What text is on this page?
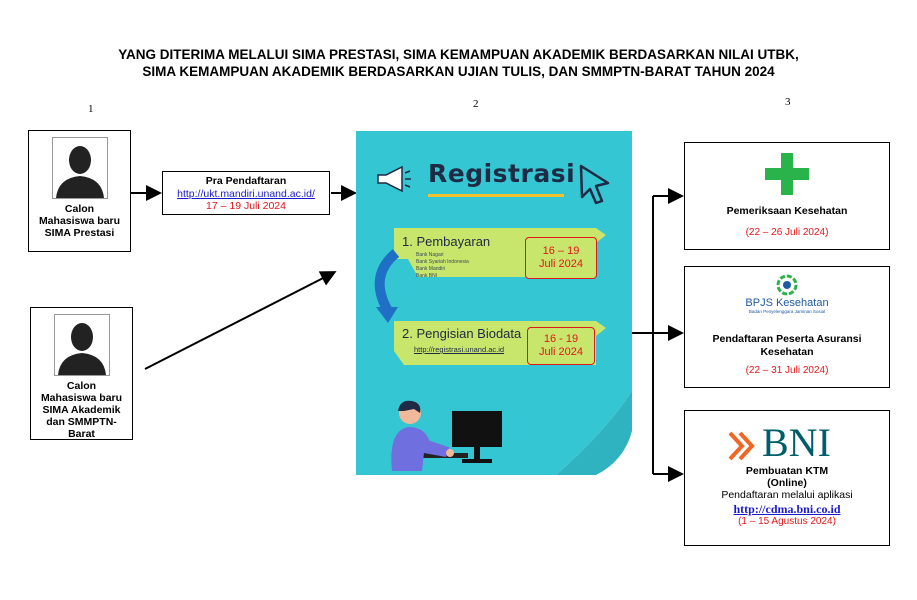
YANG DITERIMA MELALUI SIMA PRESTASI, SIMA KEMAMPUAN AKADEMIK BERDASARKAN NILAI UTBK,
SIMA KEMAMPUAN AKADEMIK BERDASARKAN UJIAN TULIS, DAN SMMPTN-BARAT TAHUN 2024
1	2	3
Calon
Mahasiswa baru
SIMA Prestasi
Calon
Mahasiswa baru
SIMA Akademik
dan SMMPTN-
Barat
Pra Pendaftaran
http://ukt.mandiri.unand.ac.id/
17 – 19 Juli 2024
Registrasi
1. Pembayaran
Bank Nagari
Bank Syariah Indonesia
Bank Mandiri
Bank BNI
16 – 19
Juli 2024
2. Pengisian Biodata
http://registrasi.unand.ac.id
16 - 19
Juli 2024
Pemeriksaan Kesehatan
(22 – 26 Juli 2024)
BPJS Kesehatan
Badan Penyelenggara Jaminan Sosial
Pendaftaran Peserta Asuransi
Kesehatan
(22 – 31 Juli 2024)
BNI
Pembuatan KTM
(Online)
Pendaftaran melalui aplikasi
http://cdma.bni.co.id
(1 – 15 Agustus 2024)
